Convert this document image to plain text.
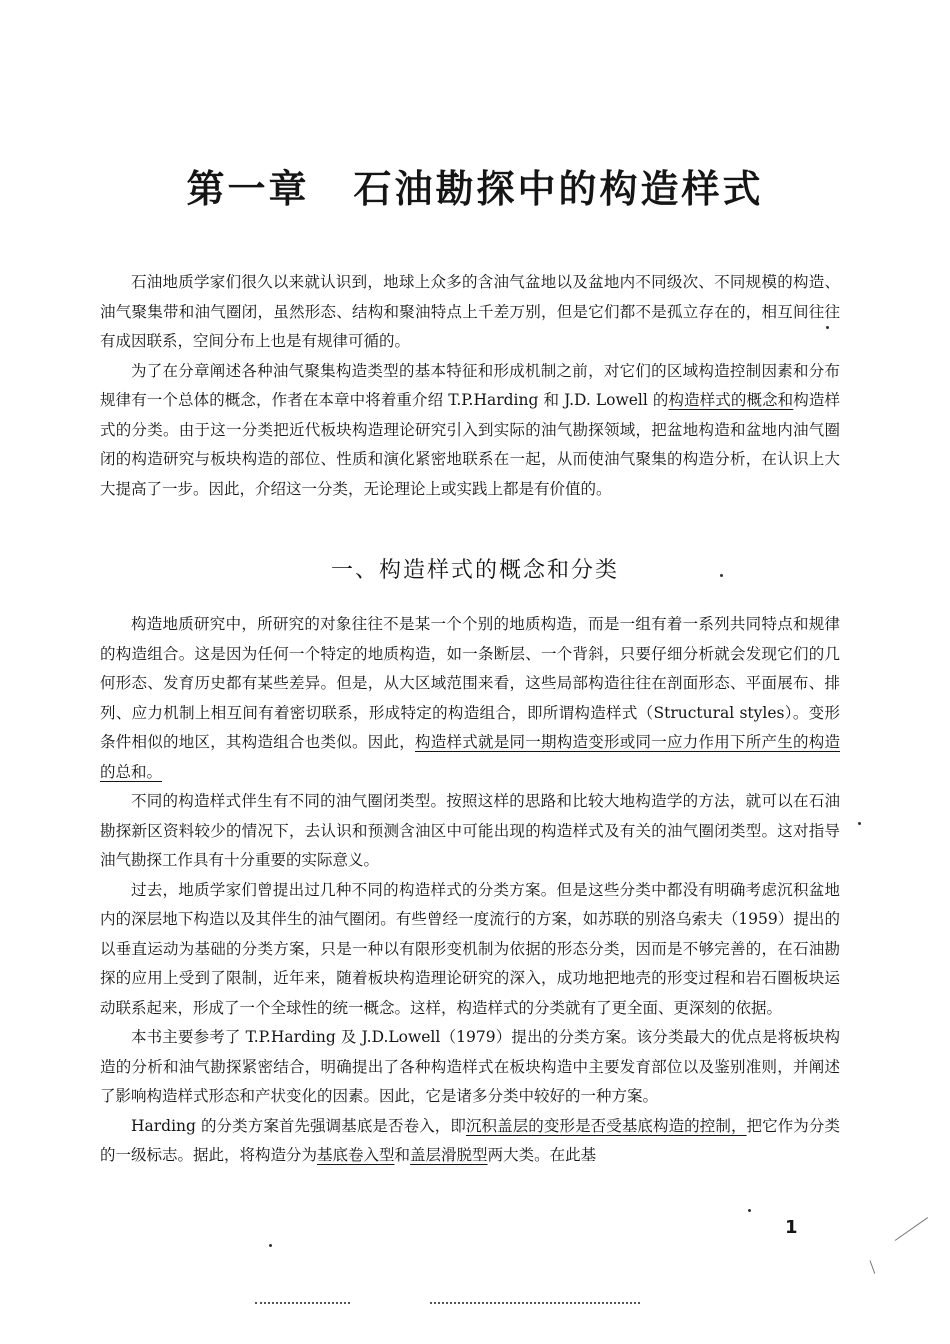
第一章 石油勘探中的构造样式

石油地质学家们很久以来就认识到，地球上众多的含油气盆地以及盆地内不同级次、不同规模的构造、油气聚集带和油气圈闭，虽然形态、结构和聚油特点上千差万别，但是它们都不是孤立存在的，相互间往往有成因联系，空间分布上也是有规律可循的。

为了在分章阐述各种油气聚集构造类型的基本特征和形成机制之前，对它们的区域构造控制因素和分布规律有一个总体的概念，作者在本章中将着重介绍 T.P.Harding 和 J.D. Lowell 的构造样式的概念和构造样式的分类。由于这一分类把近代板块构造理论研究引入到实际的油气勘探领域，把盆地构造和盆地内油气圈闭的构造研究与板块构造的部位、性质和演化紧密地联系在一起，从而使油气聚集的构造分析，在认识上大大提高了一步。因此，介绍这一分类，无论理论上或实践上都是有价值的。

一、构造样式的概念和分类

构造地质研究中，所研究的对象往往不是某一个个别的地质构造，而是一组有着一系列共同特点和规律的构造组合。这是因为任何一个特定的地质构造，如一条断层、一个背斜，只要仔细分析就会发现它们的几何形态、发育历史都有某些差异。但是，从大区域范围来看，这些局部构造往往在剖面形态、平面展布、排列、应力机制上相互间有着密切联系，形成特定的构造组合，即所谓构造样式（Structural styles）。变形条件相似的地区，其构造组合也类似。因此，构造样式就是同一期构造变形或同一应力作用下所产生的构造的总和。

不同的构造样式伴生有不同的油气圈闭类型。按照这样的思路和比较大地构造学的方法，就可以在石油勘探新区资料较少的情况下，去认识和预测含油区中可能出现的构造样式及有关的油气圈闭类型。这对指导油气勘探工作具有十分重要的实际意义。

过去，地质学家们曾提出过几种不同的构造样式的分类方案。但是这些分类中都没有明确考虑沉积盆地内的深层地下构造以及其伴生的油气圈闭。有些曾经一度流行的方案，如苏联的别洛乌索夫（1959）提出的以垂直运动为基础的分类方案，只是一种以有限形变机制为依据的形态分类，因而是不够完善的，在石油勘探的应用上受到了限制，近年来，随着板块构造理论研究的深入，成功地把地壳的形变过程和岩石圈板块运动联系起来，形成了一个全球性的统一概念。这样，构造样式的分类就有了更全面、更深刻的依据。

本书主要参考了 T.P.Harding 及 J.D.Lowell（1979）提出的分类方案。该分类最大的优点是将板块构造的分析和油气勘探紧密结合，明确提出了各种构造样式在板块构造中主要发育部位以及鉴别准则，并阐述了影响构造样式形态和产状变化的因素。因此，它是诸多分类中较好的一种方案。

Harding 的分类方案首先强调基底是否卷入，即沉积盖层的变形是否受基底构造的控制，把它作为分类的一级标志。据此，将构造分为基底卷入型和盖层滑脱型两大类。在此基

1
